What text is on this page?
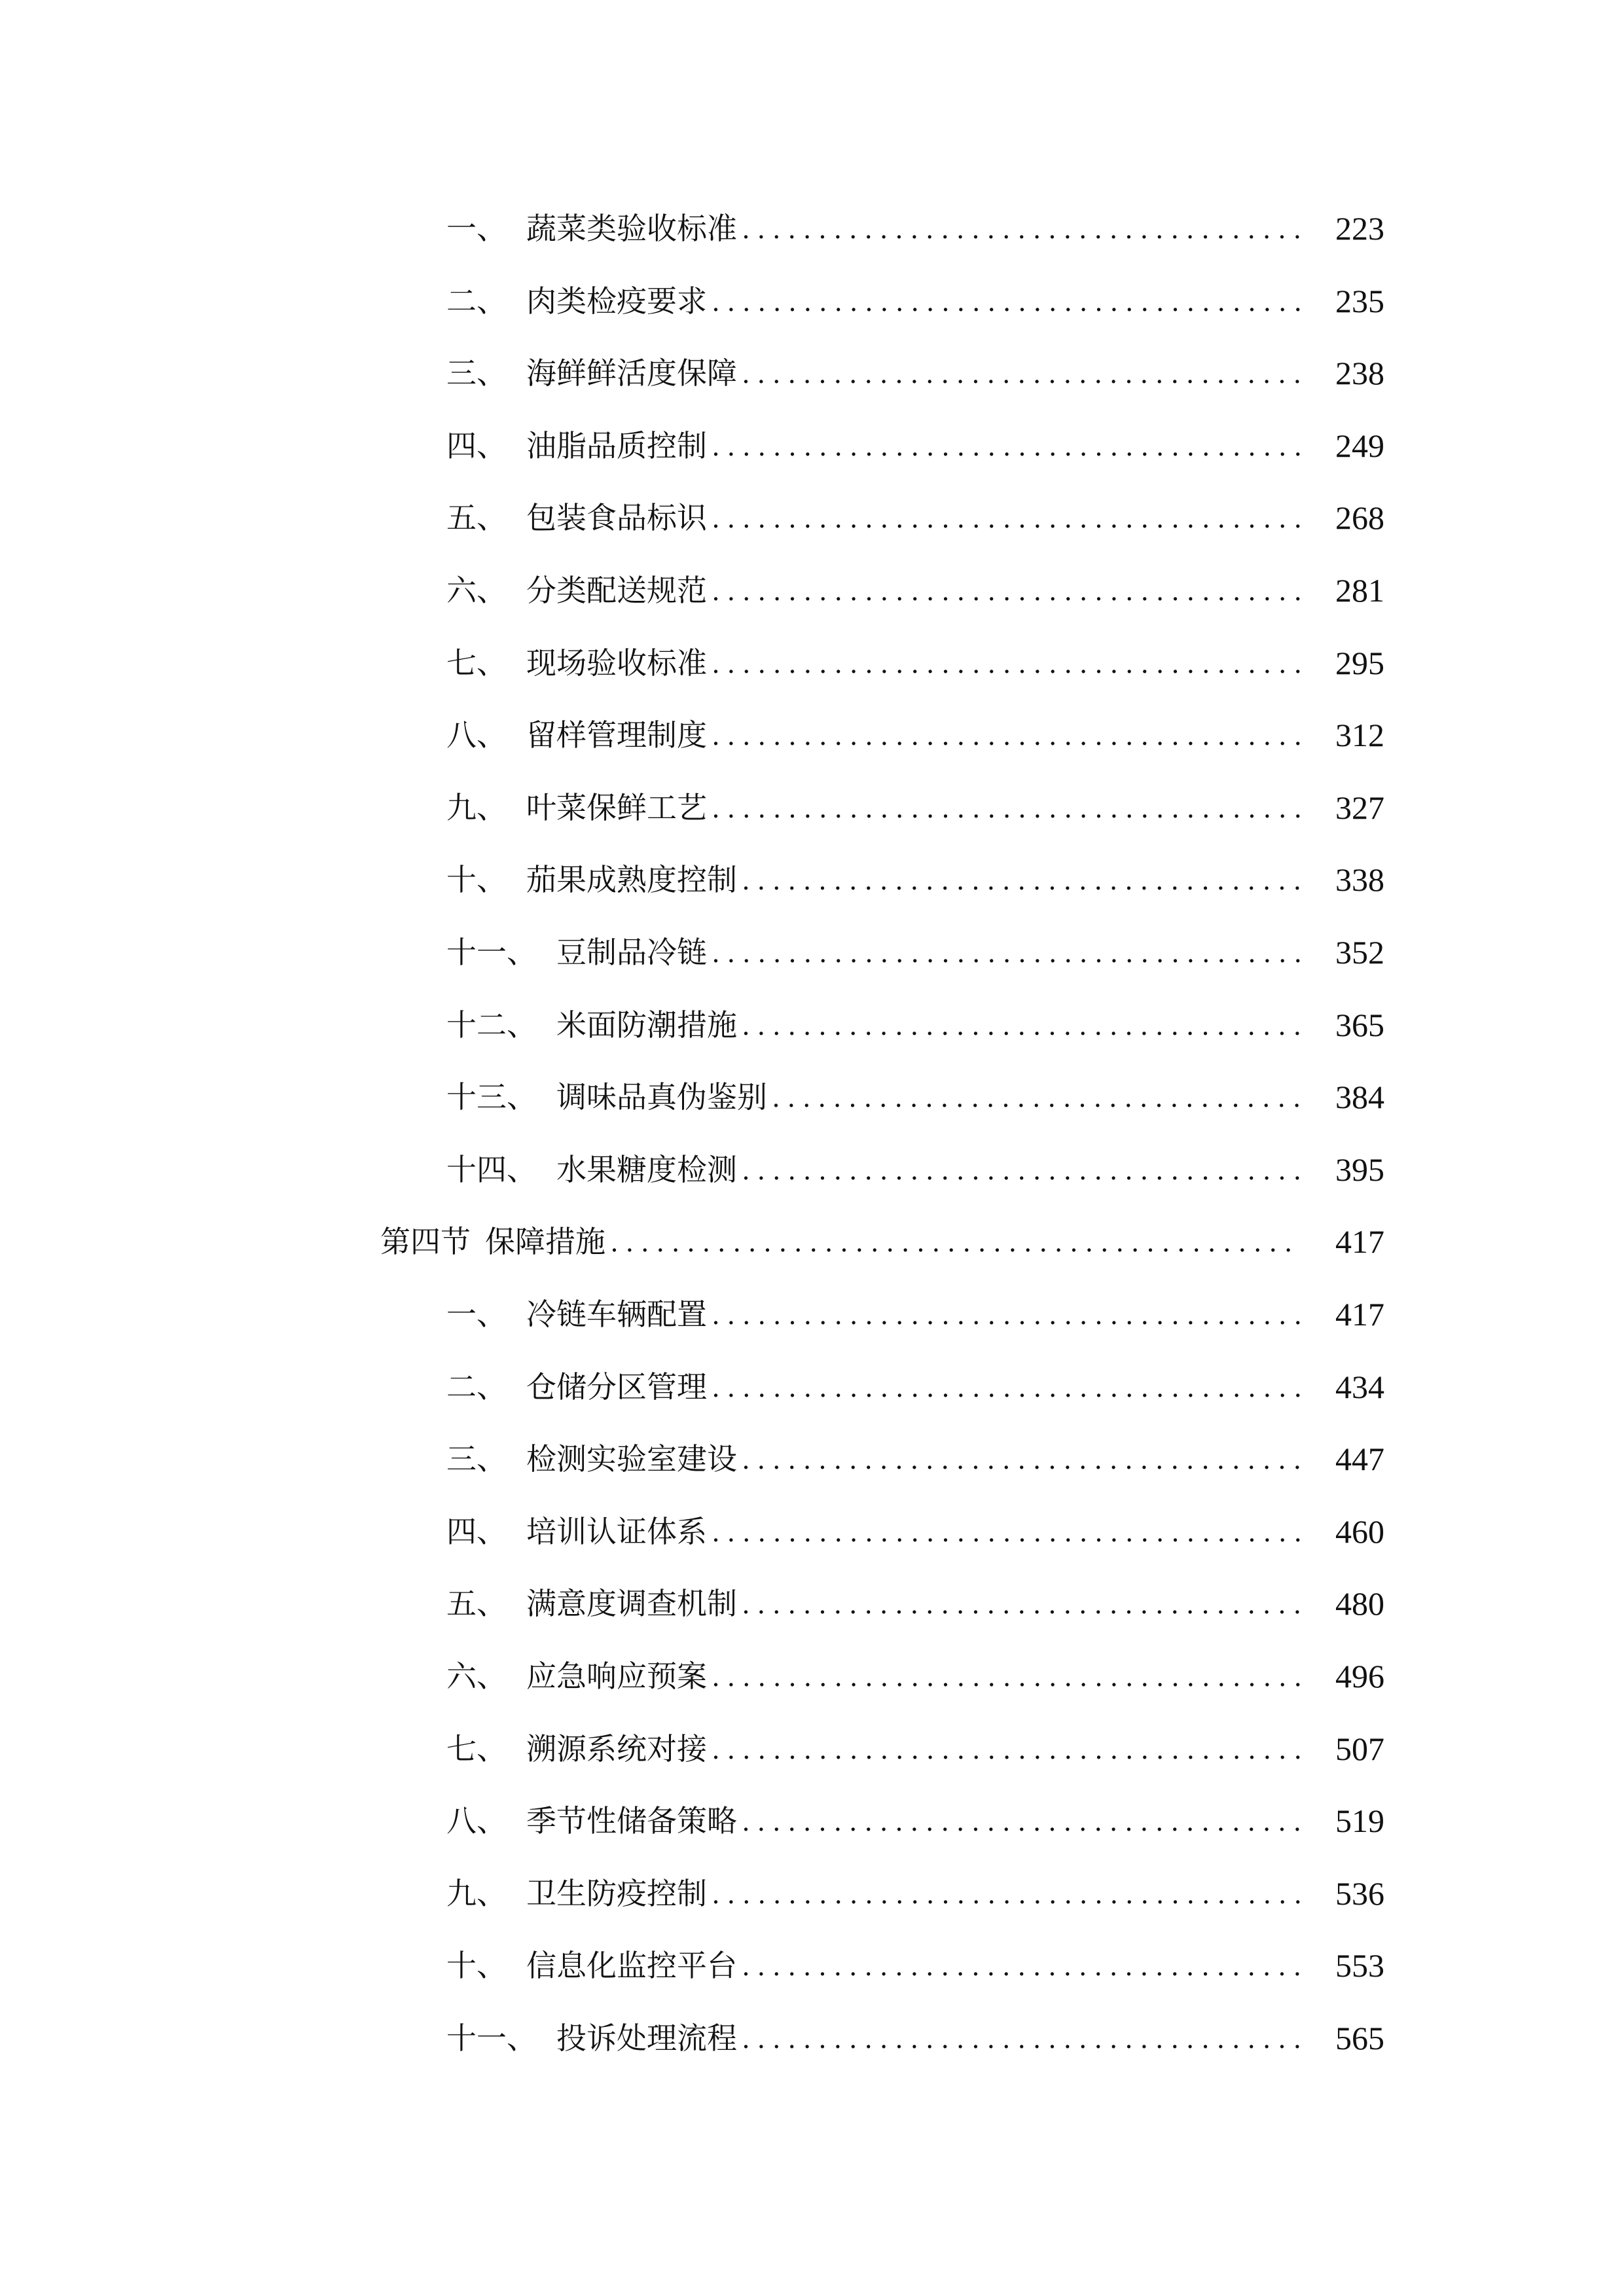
一、 蔬菜类验收标准 ..................................... 223
二、 肉类检疫要求 ....................................... 235
三、 海鲜鲜活度保障 ..................................... 238
四、 油脂品质控制 ....................................... 249
五、 包装食品标识 ....................................... 268
六、 分类配送规范 ....................................... 281
七、 现场验收标准 ....................................... 295
八、 留样管理制度 ....................................... 312
九、 叶菜保鲜工艺 ....................................... 327
十、 茄果成熟度控制 ..................................... 338
十一、 豆制品冷链 ....................................... 352
十二、 米面防潮措施 ..................................... 365
十三、 调味品真伪鉴别 ................................... 384
十四、 水果糖度检测 ..................................... 395
第四节 保障措施 .............................................	417
一、 冷链车辆配置 ....................................... 417
二、 仓储分区管理 ....................................... 434
三、 检测实验室建设 ..................................... 447
四、 培训认证体系 ....................................... 460
五、 满意度调查机制 ..................................... 480
六、 应急响应预案 ....................................... 496
七、 溯源系统对接 ....................................... 507
八、 季节性储备策略 ..................................... 519
九、 卫生防疫控制 ....................................... 536
十、 信息化监控平台 ..................................... 553
十一、 投诉处理流程 ..................................... 565
